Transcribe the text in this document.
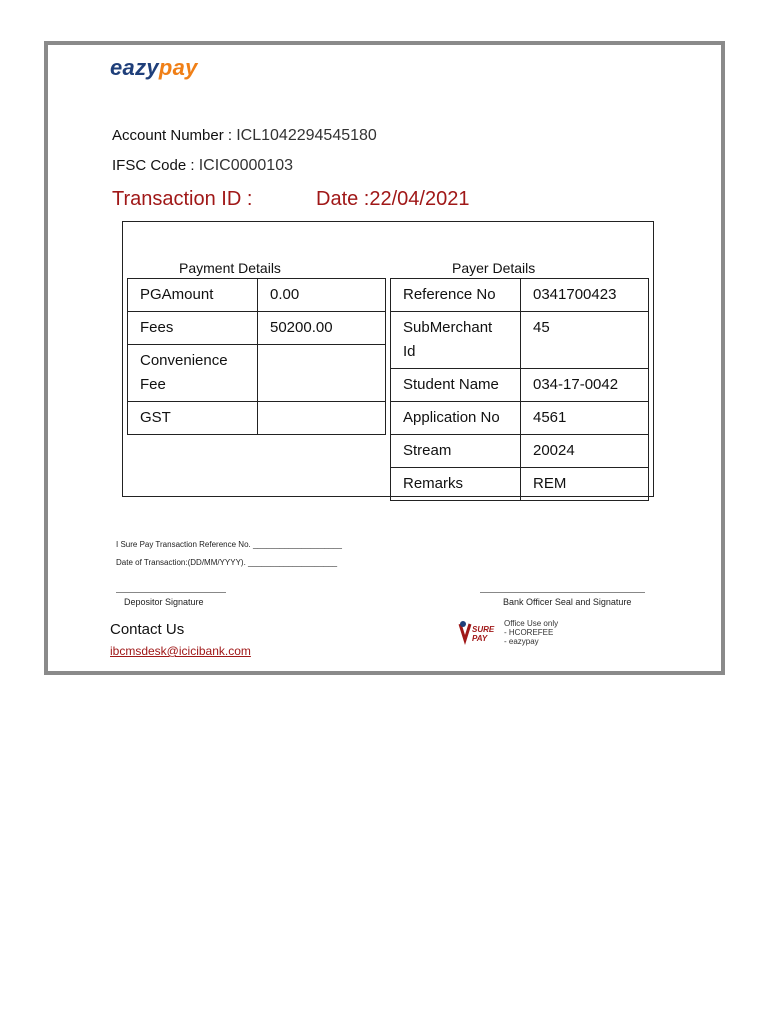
eazypay
Account Number : ICL1042294545180
IFSC Code : ICIC0000103
Transaction ID :	Date :22/04/2021
Payment Details	Payer Details
PGAmount	0.00
Fees	50200.00
Convenience Fee	
GST	
Reference No	0341700423
SubMerchant Id	45
Student Name	034-17-0042
Application No	4561
Stream	20024
Remarks	REM
I Sure Pay Transaction Reference No. ____________________
Date of Transaction:(DD/MM/YYYY). ____________________
Depositor Signature	Bank Officer Seal and Signature
Contact Us
ibcmsdesk@icicibank.com
SURE
PAY
Office Use only
- HCOREFEE
- eazypay
